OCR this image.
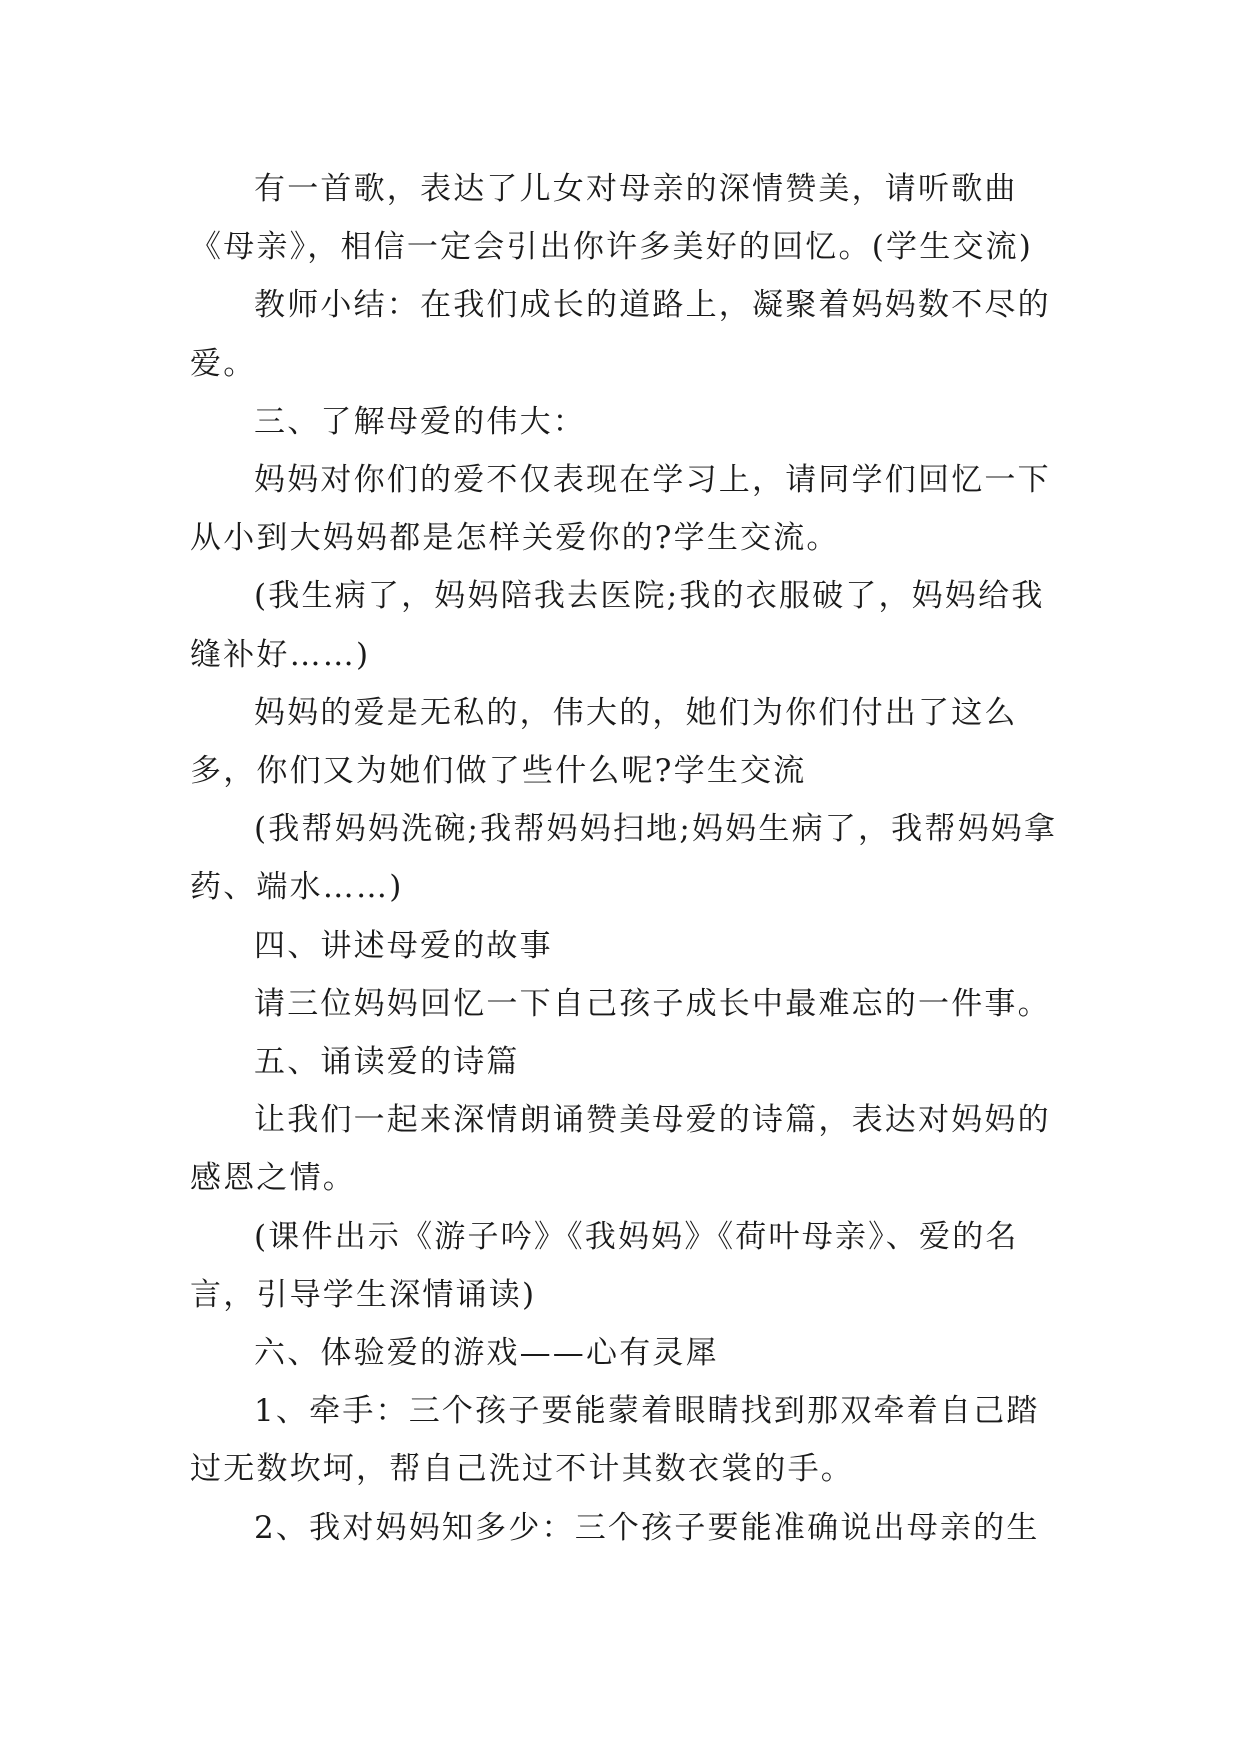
有一首歌，表达了儿女对母亲的深情赞美，请听歌曲《母亲》，相信一定会引出你许多美好的回忆。(学生交流)

教师小结：在我们成长的道路上，凝聚着妈妈数不尽的爱。

三、了解母爱的伟大：

妈妈对你们的爱不仅表现在学习上，请同学们回忆一下从小到大妈妈都是怎样关爱你的?学生交流。

(我生病了，妈妈陪我去医院;我的衣服破了，妈妈给我缝补好……)

妈妈的爱是无私的，伟大的，她们为你们付出了这么多，你们又为她们做了些什么呢?学生交流

(我帮妈妈洗碗;我帮妈妈扫地;妈妈生病了，我帮妈妈拿药、端水……)

四、讲述母爱的故事

请三位妈妈回忆一下自己孩子成长中最难忘的一件事。

五、诵读爱的诗篇

让我们一起来深情朗诵赞美母爱的诗篇，表达对妈妈的感恩之情。

(课件出示《游子吟》《我妈妈》《荷叶母亲》、爱的名言，引导学生深情诵读)

六、体验爱的游戏——心有灵犀

1、牵手：三个孩子要能蒙着眼睛找到那双牵着自己踏过无数坎坷，帮自己洗过不计其数衣裳的手。

2、我对妈妈知多少：三个孩子要能准确说出母亲的生
